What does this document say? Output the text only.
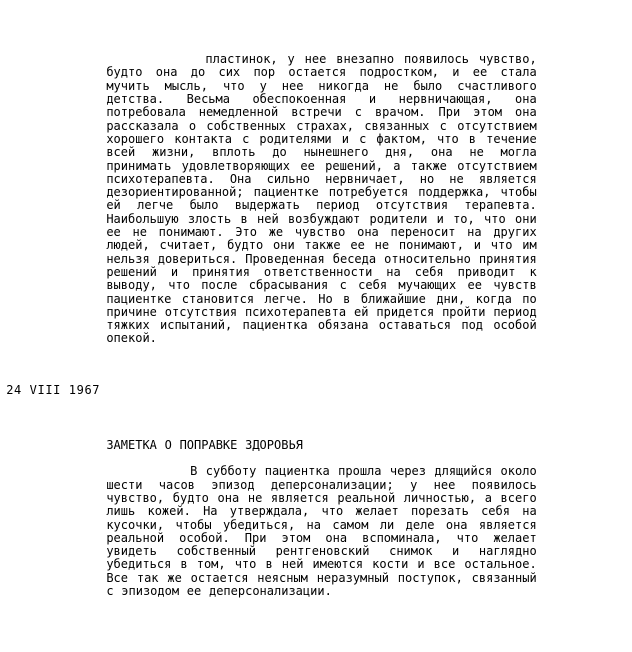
24 VIII 1967

пластинок, у нее внезапно появилось чувство, будто она до сих пор остается подростком, и ее стала мучить мысль, что у нее никогда не было счастливого детства. Весьма обеспокоенная и нервничающая, она потребовала немедленной встречи с врачом. При этом она рассказала о собственных страхах, связанных с отсутствием хорошего контакта с родителями и с фактом, что в течение всей жизни, вплоть до нынешнего дня, она не могла принимать удовлетворяющих ее решений, а также отсутствием психотерапевта. Она сильно нервничает, но не является дезориентированной; пациентке потребуется поддержка, чтобы ей легче было выдержать период отсутствия терапевта. Наибольшую злость в ней возбуждают родители и то, что они ее не понимают. Это же чувство она переносит на других людей, считает, будто они также ее не понимают, и что им нельзя довериться. Проведенная беседа относительно принятия решений и принятия ответственности на себя приводит к выводу, что после сбрасывания с себя мучающих ее чувств пациентке становится легче. Но в ближайшие дни, когда по причине отсутствия психотерапевта ей придется пройти период тяжких испытаний, пациентка обязана оставаться под особой опекой.

ЗАМЕТКА О ПОПРАВКЕ ЗДОРОВЬЯ

В субботу пациентка прошла через длящийся около шести часов эпизод деперсонализации; у нее появилось чувство, будто она не является реальной личностью, а всего лишь кожей. На утверждала, что желает порезать себя на кусочки, чтобы убедиться, на самом ли деле она является реальной особой. При этом она вспоминала, что желает увидеть собственный рентгеновский снимок и наглядно убедиться в том, что в ней имеются кости и все остальное. Все так же остается неясным неразумный поступок, связанный с эпизодом ее деперсонализации.
